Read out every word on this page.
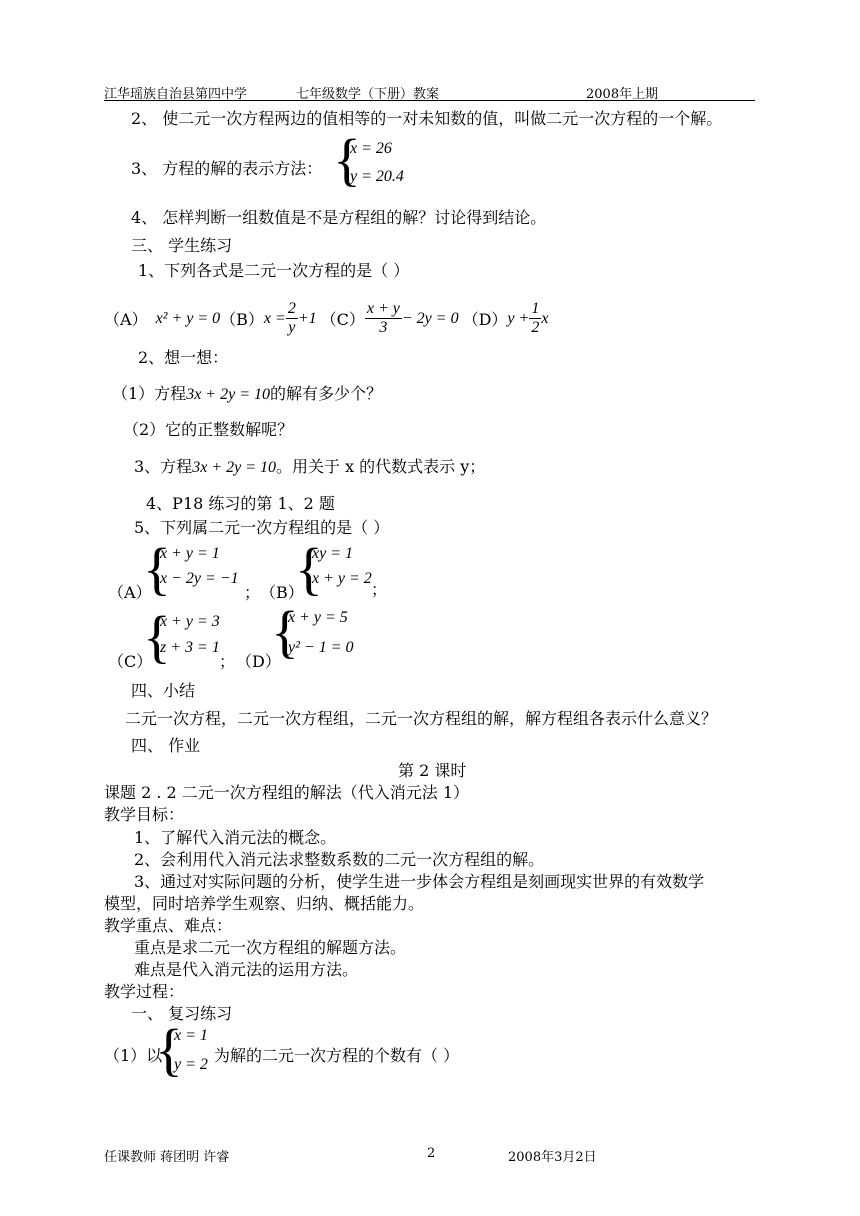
江华瑶族自治县第四中学	七年级数学（下册）教案	2008年上期
2、 使二元一次方程两边的值相等的一对未知数的值，叫做二元一次方程的一个解。
3、 方程的解的表示方法： {
x = 26
y = 20.4
4、 怎样判断一组数值是不是方程组的解？讨论得到结论。
三、 学生练习
1、下列各式是二元一次方程的是（ ）
（A） x² + y = 0 （B） $x = \frac{2}{y} +1$ $(C) \frac{x + y}{3} - 2y = 0$ （D） $y + \frac{1}{2}$ x
2、想一想：
（1）方程3x + 2y = 10的解有多少个？
（2）它的正整数解呢？
3、方程3x + 2y = 10。用关于 x 的代数式表示 y；
4、P18 练习的第 1、2 题
5、下列属二元一次方程组的是（ ）
（A）
{
x + y = 1
x − 2y = −1
； （B）
{
xy = 1
x + y = 2
；
（C）
{
x + y = 3
z + 3 = 1
； （D）
{
x + y = 5
y² − 1 = 0
四、小结
二元一次方程，二元一次方程组，二元一次方程组的解，解方程组各表示什么意义？
四、 作业
第 2 课时
课题 2 . 2 二元一次方程组的解法（代入消元法 1）
教学目标：
1、了解代入消元法的概念。
2、会利用代入消元法求整数系数的二元一次方程组的解。
3、通过对实际问题的分析，使学生进一步体会方程组是刻画现实世界的有效数学
模型，同时培养学生观察、归纳、概括能力。
教学重点、难点：
重点是求二元一次方程组的解题方法。
难点是代入消元法的运用方法。
教学过程：
一、 复习练习
（1）以
{
x = 1
y = 2 为解的二元一次方程的个数有（ ）
任课教师 蒋团明 许睿	2	2008年3月2日
